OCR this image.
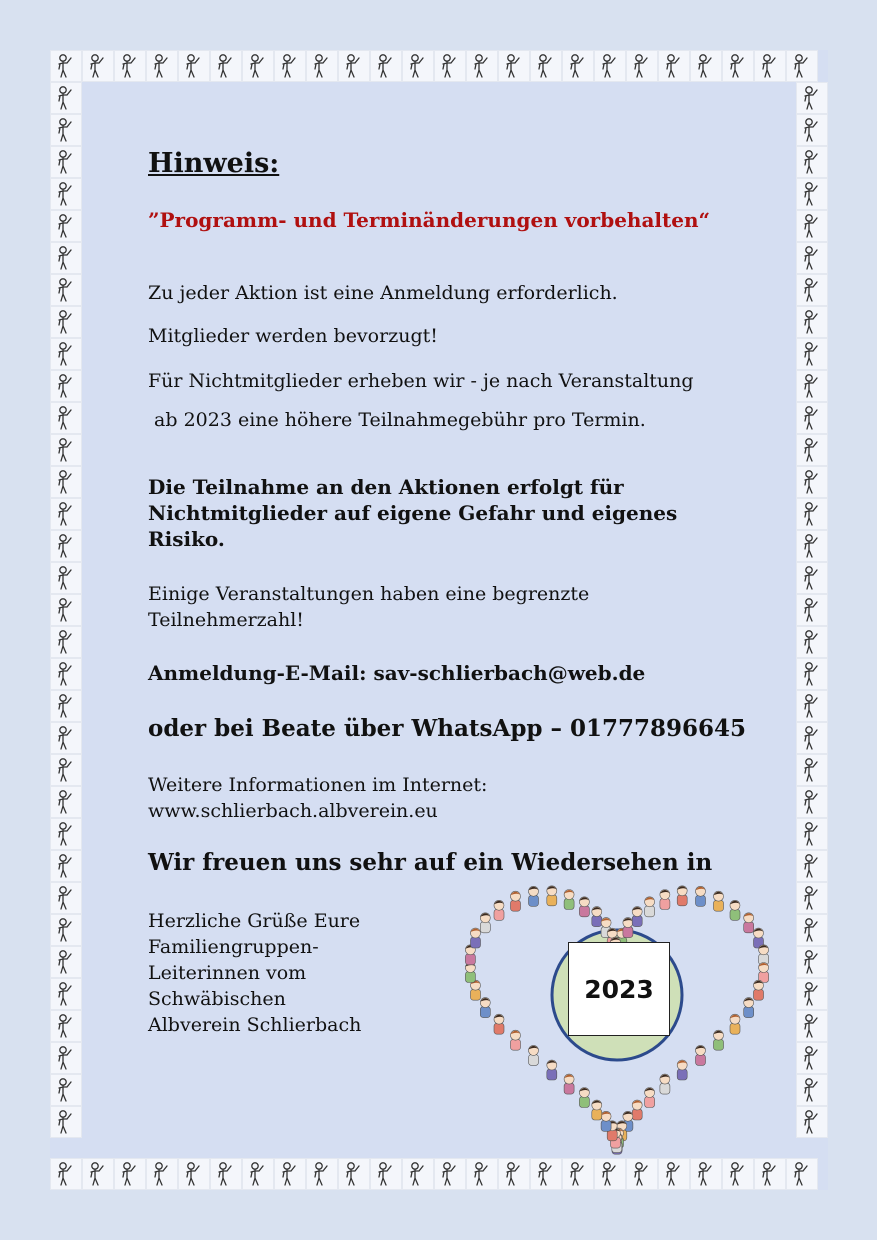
Hinweis:

”Programm- und Terminänderungen vorbehalten“

Zu jeder Aktion ist eine Anmeldung erforderlich.

Mitglieder werden bevorzugt!

Für Nichtmitglieder erheben wir - je nach Veranstaltung

ab 2023 eine höhere Teilnahmegebühr pro Termin.

Die Teilnahme an den Aktionen erfolgt für Nichtmitglieder auf eigene Gefahr und eigenes Risiko.

Einige Veranstaltungen haben eine begrenzte Teilnehmerzahl!

Anmeldung-E-Mail: sav-schlierbach@web.de

oder bei Beate über WhatsApp – 01777896645

Weitere Informationen im Internet:

www.schlierbach.albverein.eu

Wir freuen uns sehr auf ein Wiedersehen in

Herzliche Grüße Eure
Familiengruppen-
Leiterinnen vom
Schwäbischen
Albverein Schlierbach
2023
